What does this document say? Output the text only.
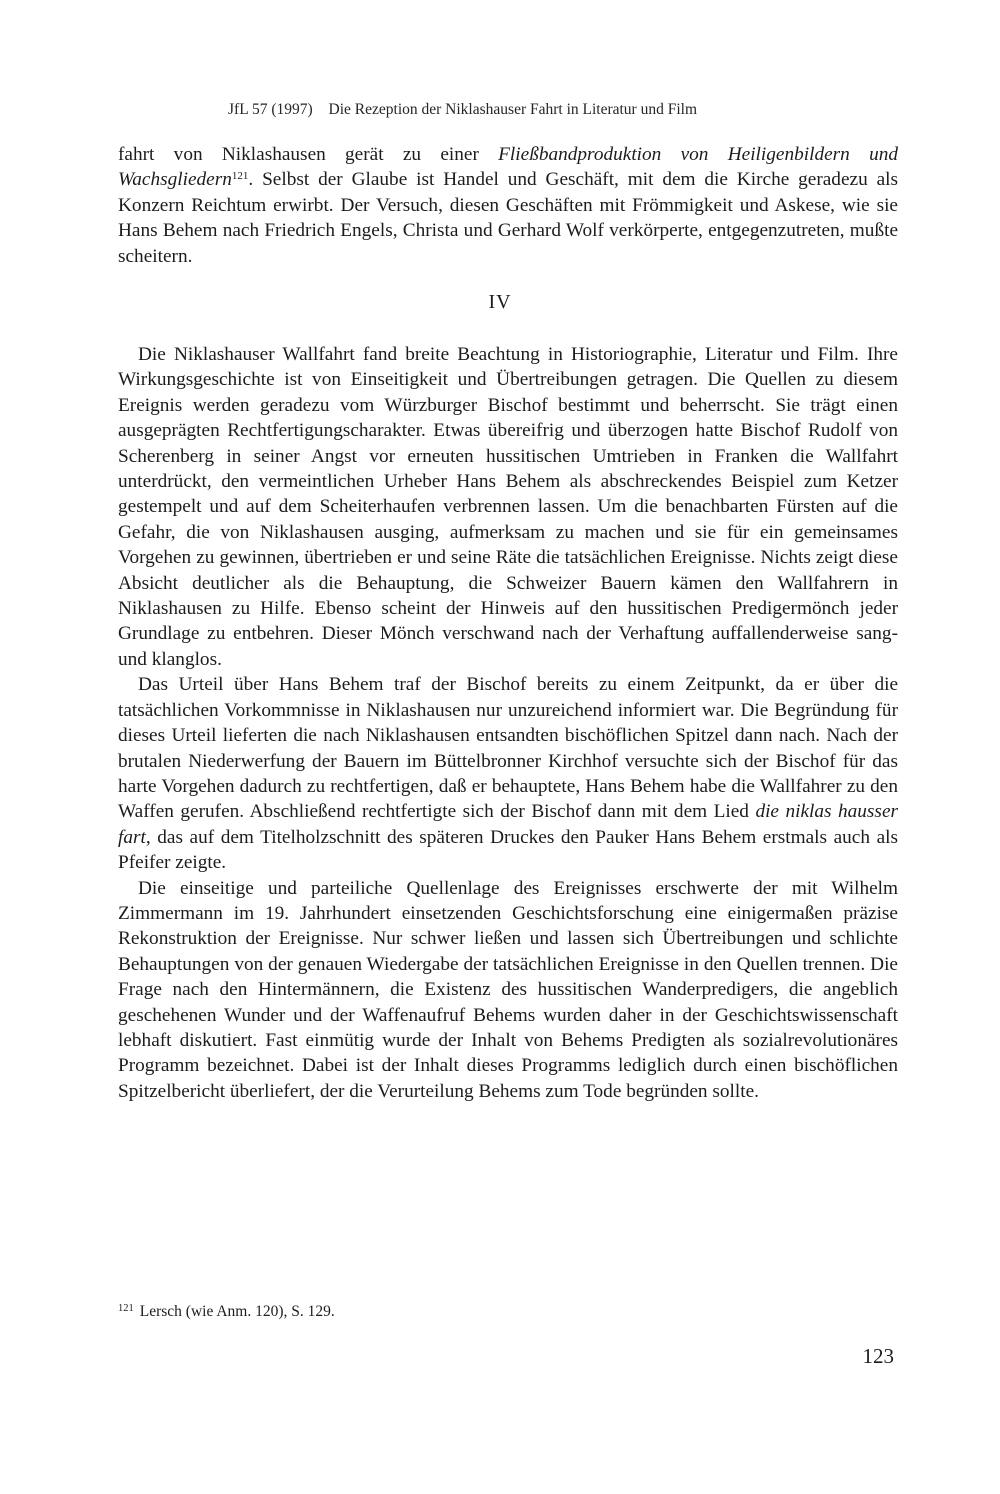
JfL 57 (1997) Die Rezeption der Niklashauser Fahrt in Literatur und Film

fahrt von Niklashausen gerät zu einer Fließbandproduktion von Heiligenbildern und Wachsgliedern$^{121}$. Selbst der Glaube ist Handel und Geschäft, mit dem die Kirche geradezu als Konzern Reichtum erwirbt. Der Versuch, diesen Geschäften mit Frömmigkeit und Askese, wie sie Hans Behem nach Friedrich Engels, Christa und Gerhard Wolf verkörperte, entgegenzutreten, mußte scheitern.

IV

Die Niklashauser Wallfahrt fand breite Beachtung in Historiographie, Literatur und Film. Ihre Wirkungsgeschichte ist von Einseitigkeit und Übertreibungen getragen. Die Quellen zu diesem Ereignis werden geradezu vom Würzburger Bischof bestimmt und beherrscht. Sie trägt einen ausgeprägten Rechtfertigungscharakter. Etwas übereifrig und überzogen hatte Bischof Rudolf von Scherenberg in seiner Angst vor erneuten hussitischen Umtrieben in Franken die Wallfahrt unterdrückt, den vermeintlichen Urheber Hans Behem als abschreckendes Beispiel zum Ketzer gestempelt und auf dem Scheiterhaufen verbrennen lassen. Um die benachbarten Fürsten auf die Gefahr, die von Niklashausen ausging, aufmerksam zu machen und sie für ein gemeinsames Vorgehen zu gewinnen, übertrieben er und seine Räte die tatsächlichen Ereignisse. Nichts zeigt diese Absicht deutlicher als die Behauptung, die Schweizer Bauern kämen den Wallfahrern in Niklashausen zu Hilfe. Ebenso scheint der Hinweis auf den hussitischen Predigermönch jeder Grundlage zu entbehren. Dieser Mönch verschwand nach der Verhaftung auffallenderweise sang- und klanglos.

Das Urteil über Hans Behem traf der Bischof bereits zu einem Zeitpunkt, da er über die tatsächlichen Vorkommnisse in Niklashausen nur unzureichend informiert war. Die Begründung für dieses Urteil lieferten die nach Niklashausen entsandten bischöflichen Spitzel dann nach. Nach der brutalen Niederwerfung der Bauern im Büttelbronner Kirchhof versuchte sich der Bischof für das harte Vorgehen dadurch zu rechtfertigen, daß er behauptete, Hans Behem habe die Wallfahrer zu den Waffen gerufen. Abschließend rechtfertigte sich der Bischof dann mit dem Lied die niklas hausser fart, das auf dem Titelholzschnitt des späteren Druckes den Pauker Hans Behem erstmals auch als Pfeifer zeigte.

Die einseitige und parteiliche Quellenlage des Ereignisses erschwerte der mit Wilhelm Zimmermann im 19. Jahrhundert einsetzenden Geschichtsforschung eine einigermaßen präzise Rekonstruktion der Ereignisse. Nur schwer ließen und lassen sich Übertreibungen und schlichte Behauptungen von der genauen Wiedergabe der tatsächlichen Ereignisse in den Quellen trennen. Die Frage nach den Hintermännern, die Existenz des hussitischen Wanderpredigers, die angeblich geschehenen Wunder und der Waffenaufruf Behems wurden daher in der Geschichtswissenschaft lebhaft diskutiert. Fast einmütig wurde der Inhalt von Behems Predigten als sozialrevolutionäres Programm bezeichnet. Dabei ist der Inhalt dieses Programms lediglich durch einen bischöflichen Spitzelbericht überliefert, der die Verurteilung Behems zum Tode begründen sollte.

$^{121}$ Lersch (wie Anm. 120), S. 129.
123
